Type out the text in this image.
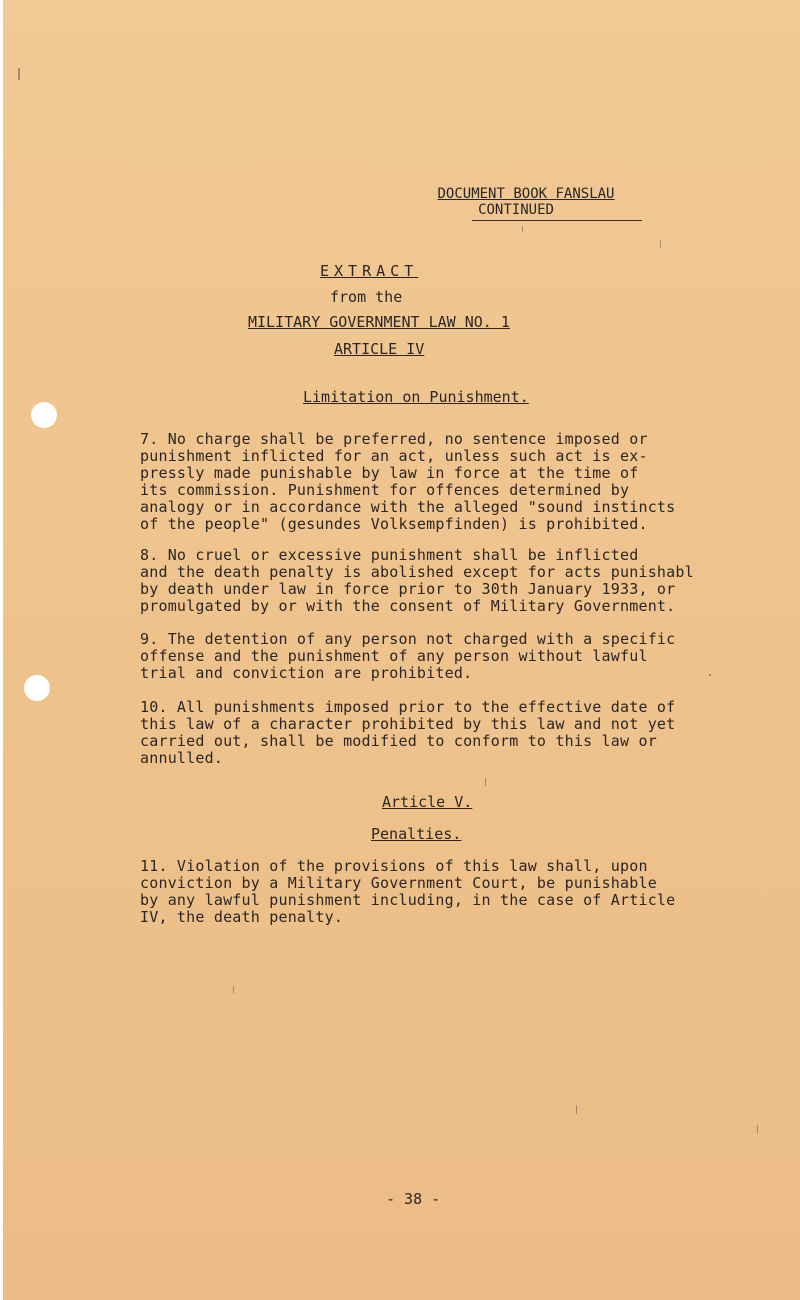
DOCUMENT BOOK FANSLAU
CONTINUED
EXTRACT
from the
MILITARY GOVERNMENT LAW NO. 1
ARTICLE IV
Limitation on Punishment.
7. No charge shall be preferred, no sentence imposed or
punishment inflicted for an act, unless such act is ex-
pressly made punishable by law in force at the time of
its commission. Punishment for offences determined by
analogy or in accordance with the alleged "sound instincts
of the people" (gesundes Volksempfinden) is prohibited.
8. No cruel or excessive punishment shall be inflicted
and the death penalty is abolished except for acts punishabl
by death under law in force prior to 30th January 1933, or
promulgated by or with the consent of Military Government.
9. The detention of any person not charged with a specific
offense and the punishment of any person without lawful
trial and conviction are prohibited.
10. All punishments imposed prior to the effective date of
this law of a character prohibited by this law and not yet
carried out, shall be modified to conform to this law or
annulled.
Article V.
Penalties.
11. Violation of the provisions of this law shall, upon
conviction by a Military Government Court, be punishable
by any lawful punishment including, in the case of Article
IV, the death penalty.
- 38 -
